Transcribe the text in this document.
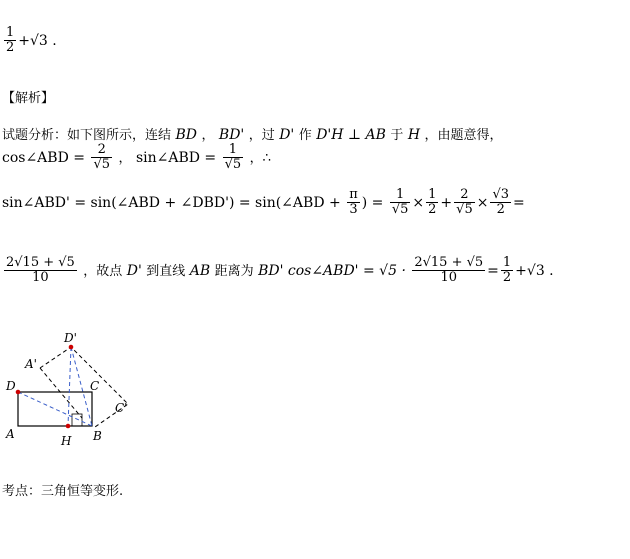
$\frac{1}{2} +√3$ .
【解析】
试题分析：如下图所示，连结 BD ， BD' ，过 D' 作 D'H ⊥ AB 于 H ，由题意得，
cos∠ABD = $\frac{2}{√5}$ ， sin∠ABD = $\frac{1}{√5}$ ，∴
sin∠ABD' = sin(∠ABD + ∠DBD') = sin(∠ABD + $\frac{\pi}{3}$ ) = $\frac{1}{√5} \times \frac{1}{2} + \frac{2}{√5} \times \frac{√3}{2}$ =
$\frac{2√15 + √5}{10}$ ，故点 D' 到直线 AB 距离为 BD' cos∠ABD' = $√5 \cdot \frac{2√15 + √5}{10} = \frac{1}{2} +√3$ .
D'
A'
D	C
C'
A	H B
考点：三角恒等变形.
